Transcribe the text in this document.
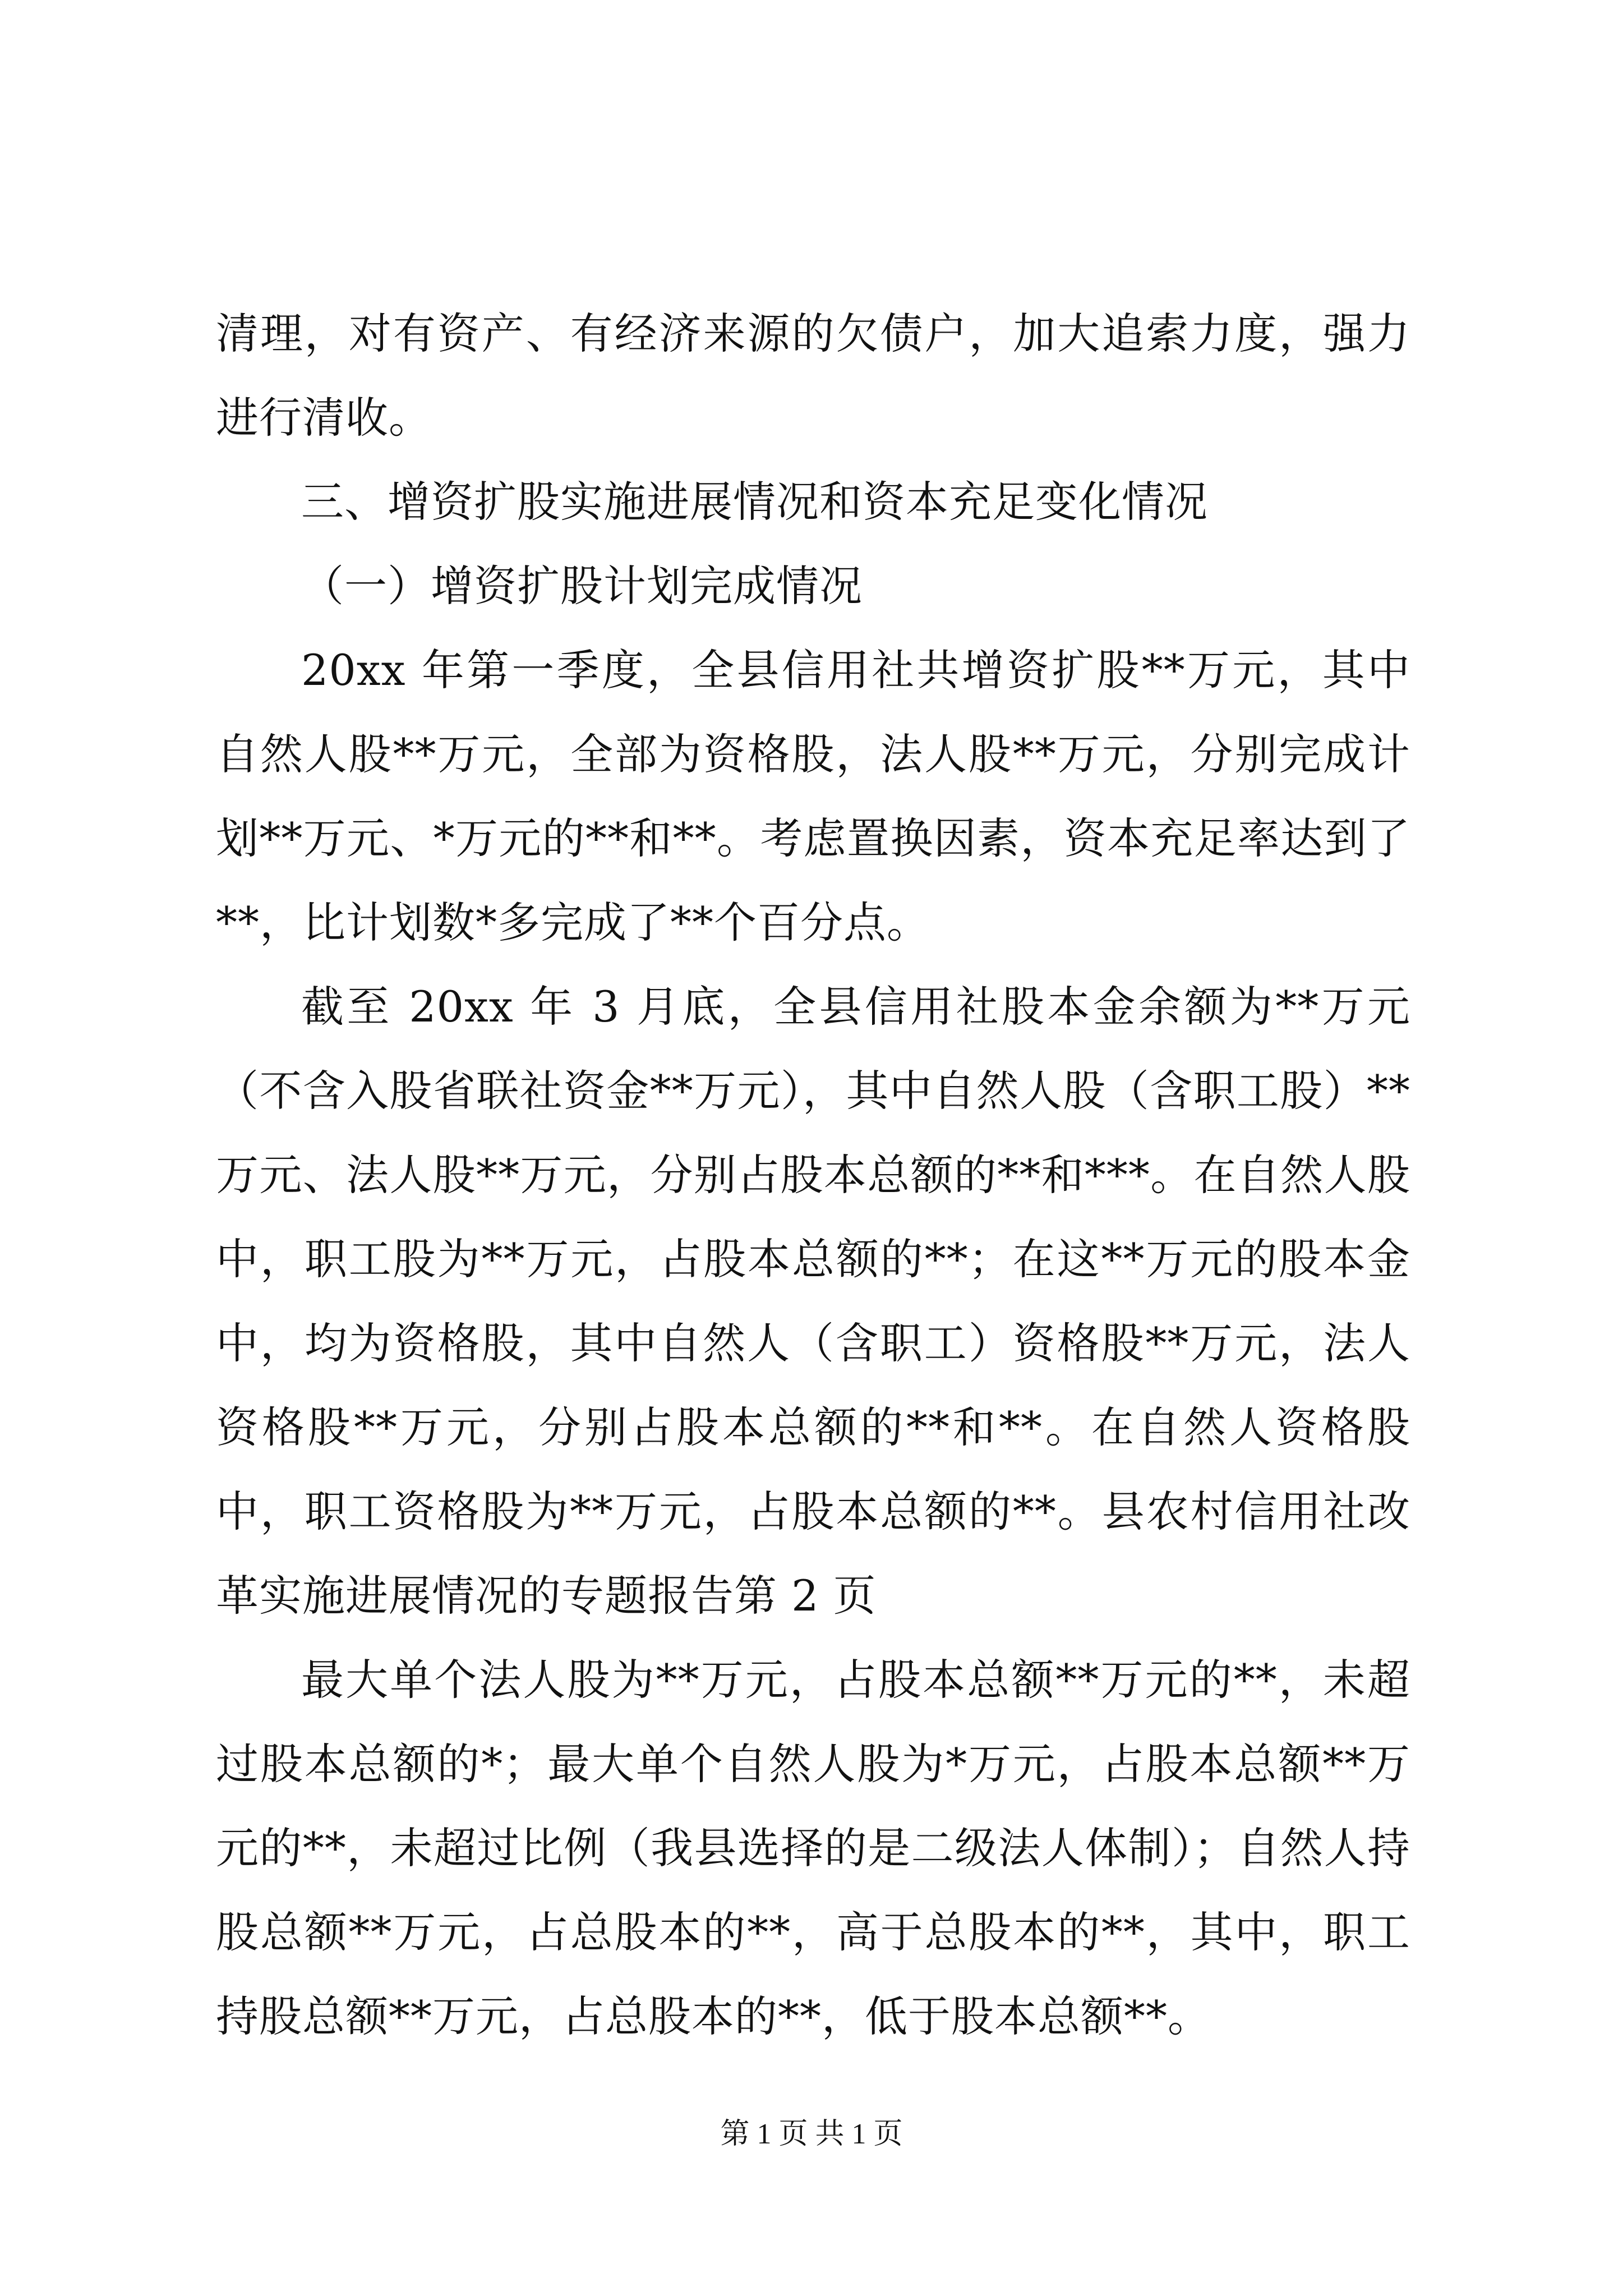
清理，对有资产、有经济来源的欠债户，加大追索力度，强力进行清收。

三、增资扩股实施进展情况和资本充足变化情况

（一）增资扩股计划完成情况

20xx 年第一季度，全县信用社共增资扩股**万元，其中自然人股**万元，全部为资格股，法人股**万元，分别完成计划**万元、*万元的**和**。考虑置换因素，资本充足率达到了**，比计划数*多完成了**个百分点。

截至 20xx 年 3 月底，全县信用社股本金余额为**万元（不含入股省联社资金**万元），其中自然人股（含职工股）**万元、法人股**万元，分别占股本总额的**和***。在自然人股中，职工股为**万元，占股本总额的**；在这**万元的股本金中，均为资格股，其中自然人（含职工）资格股**万元，法人资格股**万元，分别占股本总额的**和**。在自然人资格股中，职工资格股为**万元，占股本总额的**。县农村信用社改革实施进展情况的专题报告第 2 页

最大单个法人股为**万元，占股本总额**万元的**，未超过股本总额的*；最大单个自然人股为*万元，占股本总额**万元的**，未超过比例（我县选择的是二级法人体制）；自然人持股总额**万元，占总股本的**，高于总股本的**，其中，职工持股总额**万元，占总股本的**，低于股本总额**。

第 1 页 共 1 页
